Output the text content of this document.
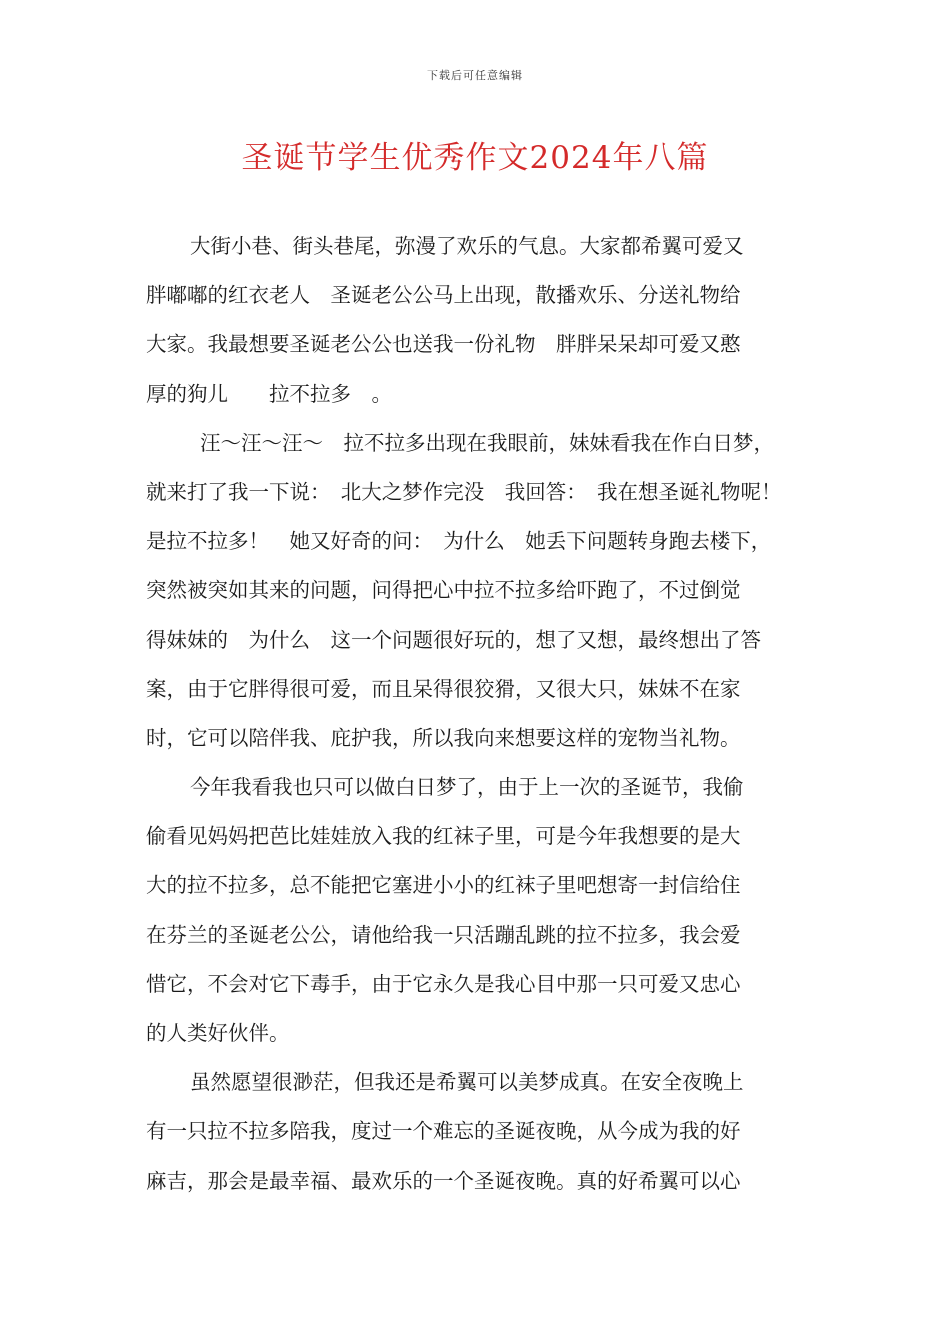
下载后可任意编辑
圣诞节学生优秀作文2024年八篇
大街小巷、街头巷尾，弥漫了欢乐的气息。大家都希翼可爱又
胖嘟嘟的红衣老人　圣诞老公公马上出现，散播欢乐、分送礼物给
大家。我最想要圣诞老公公也送我一份礼物　胖胖呆呆却可爱又憨
厚的狗儿　　拉不拉多　。
汪～汪～汪～　拉不拉多出现在我眼前，妹妹看我在作白日梦，
就来打了我一下说：　北大之梦作完没　我回答：　我在想圣诞礼物呢！
是拉不拉多！　她又好奇的问：　为什么　她丢下问题转身跑去楼下，
突然被突如其来的问题，问得把心中拉不拉多给吓跑了，不过倒觉
得妹妹的　为什么　这一个问题很好玩的，想了又想，最终想出了答
案，由于它胖得很可爱，而且呆得很狡猾，又很大只，妹妹不在家
时，它可以陪伴我、庇护我，所以我向来想要这样的宠物当礼物。
今年我看我也只可以做白日梦了，由于上一次的圣诞节，我偷
偷看见妈妈把芭比娃娃放入我的红袜子里，可是今年我想要的是大
大的拉不拉多，总不能把它塞进小小的红袜子里吧想寄一封信给住
在芬兰的圣诞老公公，请他给我一只活蹦乱跳的拉不拉多，我会爱
惜它，不会对它下毒手，由于它永久是我心目中那一只可爱又忠心
的人类好伙伴。
虽然愿望很渺茫，但我还是希翼可以美梦成真。在安全夜晚上
有一只拉不拉多陪我，度过一个难忘的圣诞夜晚，从今成为我的好
麻吉，那会是最幸福、最欢乐的一个圣诞夜晚。真的好希翼可以心
